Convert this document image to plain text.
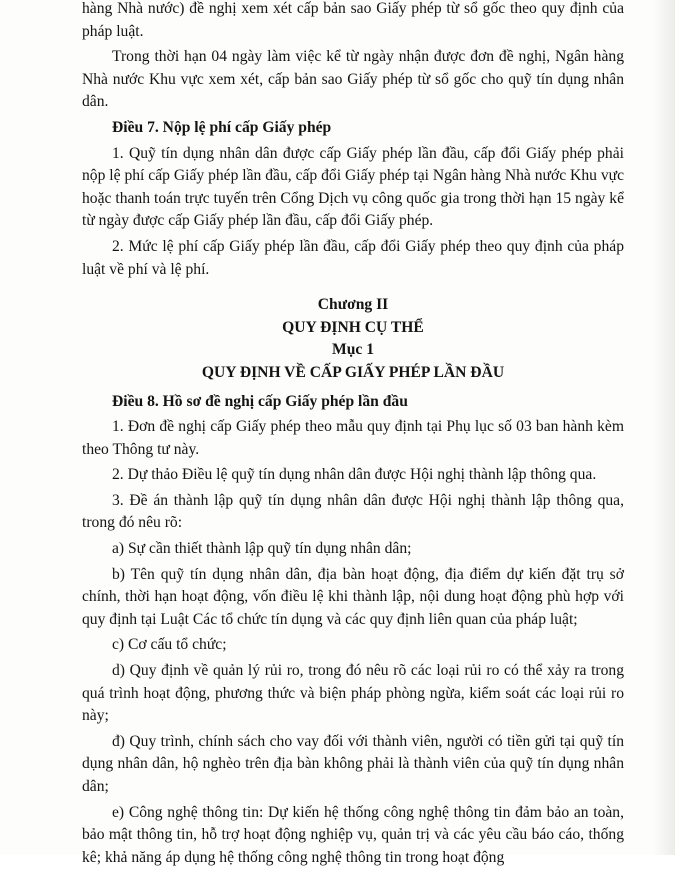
hàng Nhà nước) đề nghị xem xét cấp bản sao Giấy phép từ sổ gốc theo quy định của pháp luật.

Trong thời hạn 04 ngày làm việc kể từ ngày nhận được đơn đề nghị, Ngân hàng Nhà nước Khu vực xem xét, cấp bản sao Giấy phép từ sổ gốc cho quỹ tín dụng nhân dân.

Điều 7. Nộp lệ phí cấp Giấy phép

1. Quỹ tín dụng nhân dân được cấp Giấy phép lần đầu, cấp đổi Giấy phép phải nộp lệ phí cấp Giấy phép lần đầu, cấp đổi Giấy phép tại Ngân hàng Nhà nước Khu vực hoặc thanh toán trực tuyến trên Cổng Dịch vụ công quốc gia trong thời hạn 15 ngày kể từ ngày được cấp Giấy phép lần đầu, cấp đổi Giấy phép.

2. Mức lệ phí cấp Giấy phép lần đầu, cấp đổi Giấy phép theo quy định của pháp luật về phí và lệ phí.

Chương II

QUY ĐỊNH CỤ THỂ

Mục 1

QUY ĐỊNH VỀ CẤP GIẤY PHÉP LẦN ĐẦU

Điều 8. Hồ sơ đề nghị cấp Giấy phép lần đầu

1. Đơn đề nghị cấp Giấy phép theo mẫu quy định tại Phụ lục số 03 ban hành kèm theo Thông tư này.

2. Dự thảo Điều lệ quỹ tín dụng nhân dân được Hội nghị thành lập thông qua.

3. Đề án thành lập quỹ tín dụng nhân dân được Hội nghị thành lập thông qua, trong đó nêu rõ:

a) Sự cần thiết thành lập quỹ tín dụng nhân dân;

b) Tên quỹ tín dụng nhân dân, địa bàn hoạt động, địa điểm dự kiến đặt trụ sở chính, thời hạn hoạt động, vốn điều lệ khi thành lập, nội dung hoạt động phù hợp với quy định tại Luật Các tổ chức tín dụng và các quy định liên quan của pháp luật;

c) Cơ cấu tổ chức;

d) Quy định về quản lý rủi ro, trong đó nêu rõ các loại rủi ro có thể xảy ra trong quá trình hoạt động, phương thức và biện pháp phòng ngừa, kiểm soát các loại rủi ro này;

đ) Quy trình, chính sách cho vay đối với thành viên, người có tiền gửi tại quỹ tín dụng nhân dân, hộ nghèo trên địa bàn không phải là thành viên của quỹ tín dụng nhân dân;

e) Công nghệ thông tin: Dự kiến hệ thống công nghệ thông tin đảm bảo an toàn, bảo mật thông tin, hỗ trợ hoạt động nghiệp vụ, quản trị và các yêu cầu báo cáo, thống kê; khả năng áp dụng hệ thống công nghệ thông tin trong hoạt động
